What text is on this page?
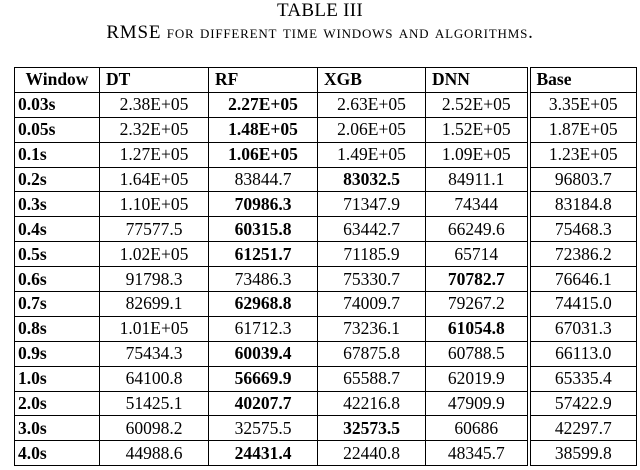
TABLE III
RMSE for different time windows and algorithms.
Window	DT	RF	XGB	DNN	Base
0.03s	2.38E+05	2.27E+05	2.63E+05	2.52E+05	3.35E+05
0.05s	2.32E+05	1.48E+05	2.06E+05	1.52E+05	1.87E+05
0.1s	1.27E+05	1.06E+05	1.49E+05	1.09E+05	1.23E+05
0.2s	1.64E+05	83844.7	83032.5	84911.1	96803.7
0.3s	1.10E+05	70986.3	71347.9	74344	83184.8
0.4s	77577.5	60315.8	63442.7	66249.6	75468.3
0.5s	1.02E+05	61251.7	71185.9	65714	72386.2
0.6s	91798.3	73486.3	75330.7	70782.7	76646.1
0.7s	82699.1	62968.8	74009.7	79267.2	74415.0
0.8s	1.01E+05	61712.3	73236.1	61054.8	67031.3
0.9s	75434.3	60039.4	67875.8	60788.5	66113.0
1.0s	64100.8	56669.9	65588.7	62019.9	65335.4
2.0s	51425.1	40207.7	42216.8	47909.9	57422.9
3.0s	60098.2	32575.5	32573.5	60686	42297.7
4.0s	44988.6	24431.4	22440.8	48345.7	38599.8
